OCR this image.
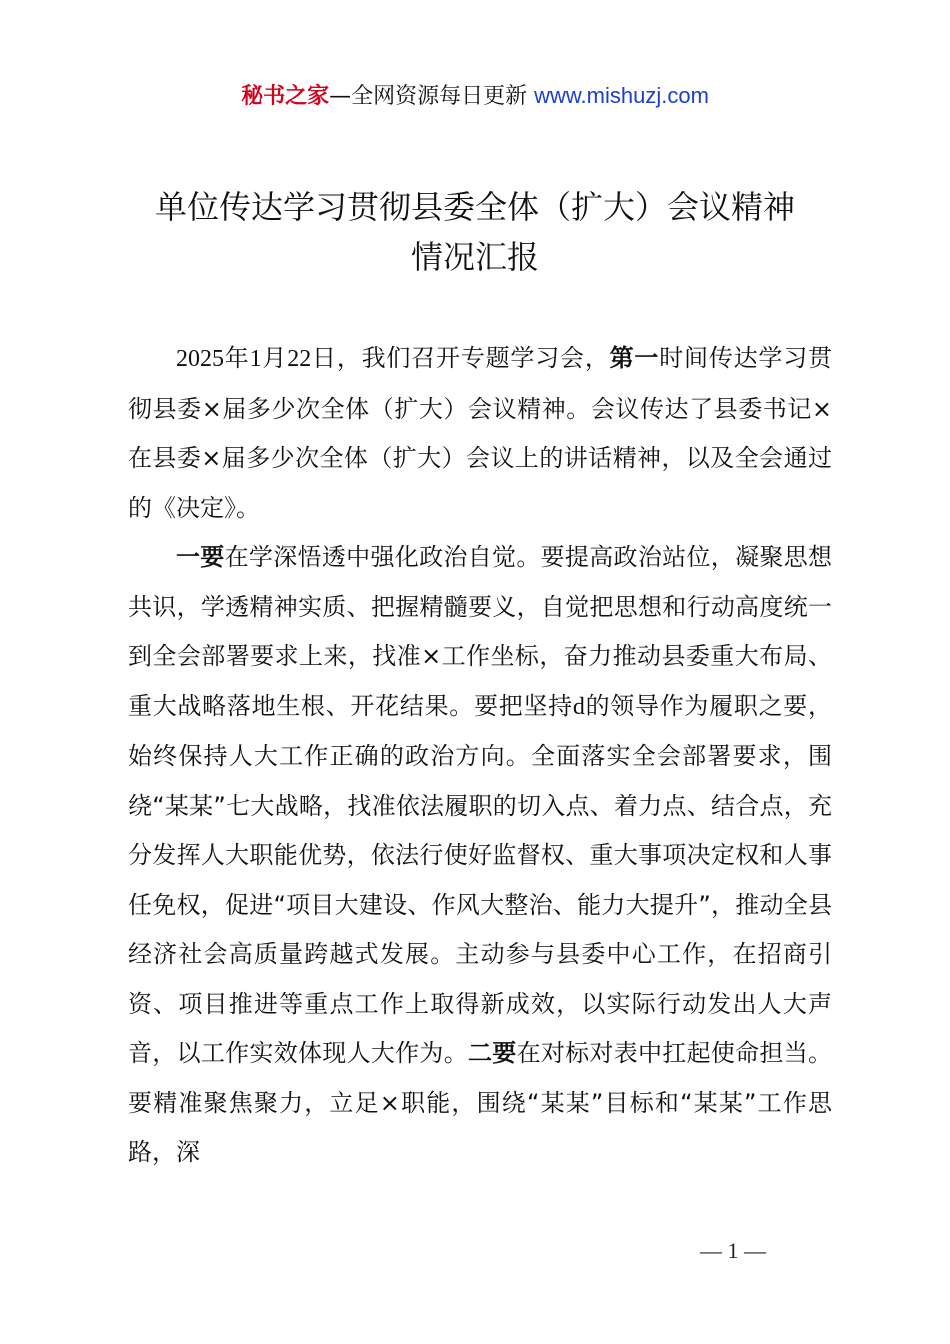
秘书之家—全网资源每日更新 www.mishuzj.com

单位传达学习贯彻县委全体（扩大）会议精神

情况汇报

2025年1月22日，我们召开专题学习会，第一时间传达学习贯彻县委×届多少次全体（扩大）会议精神。会议传达了县委书记×在县委×届多少次全体（扩大）会议上的讲话精神，以及全会通过的《决定》。

一要在学深悟透中强化政治自觉。要提高政治站位，凝聚思想共识，学透精神实质、把握精髓要义，自觉把思想和行动高度统一到全会部署要求上来，找准×工作坐标，奋力推动县委重大布局、重大战略落地生根、开花结果。要把坚持d的领导作为履职之要，始终保持人大工作正确的政治方向。全面落实全会部署要求，围绕“某某”七大战略，找准依法履职的切入点、着力点、结合点，充分发挥人大职能优势，依法行使好监督权、重大事项决定权和人事任免权，促进“项目大建设、作风大整治、能力大提升”，推动全县经济社会高质量跨越式发展。主动参与县委中心工作，在招商引资、项目推进等重点工作上取得新成效，以实际行动发出人大声音，以工作实效体现人大作为。二要在对标对表中扛起使命担当。要精准聚焦聚力，立足×职能，围绕“某某”目标和“某某”工作思路，深

— 1 —
